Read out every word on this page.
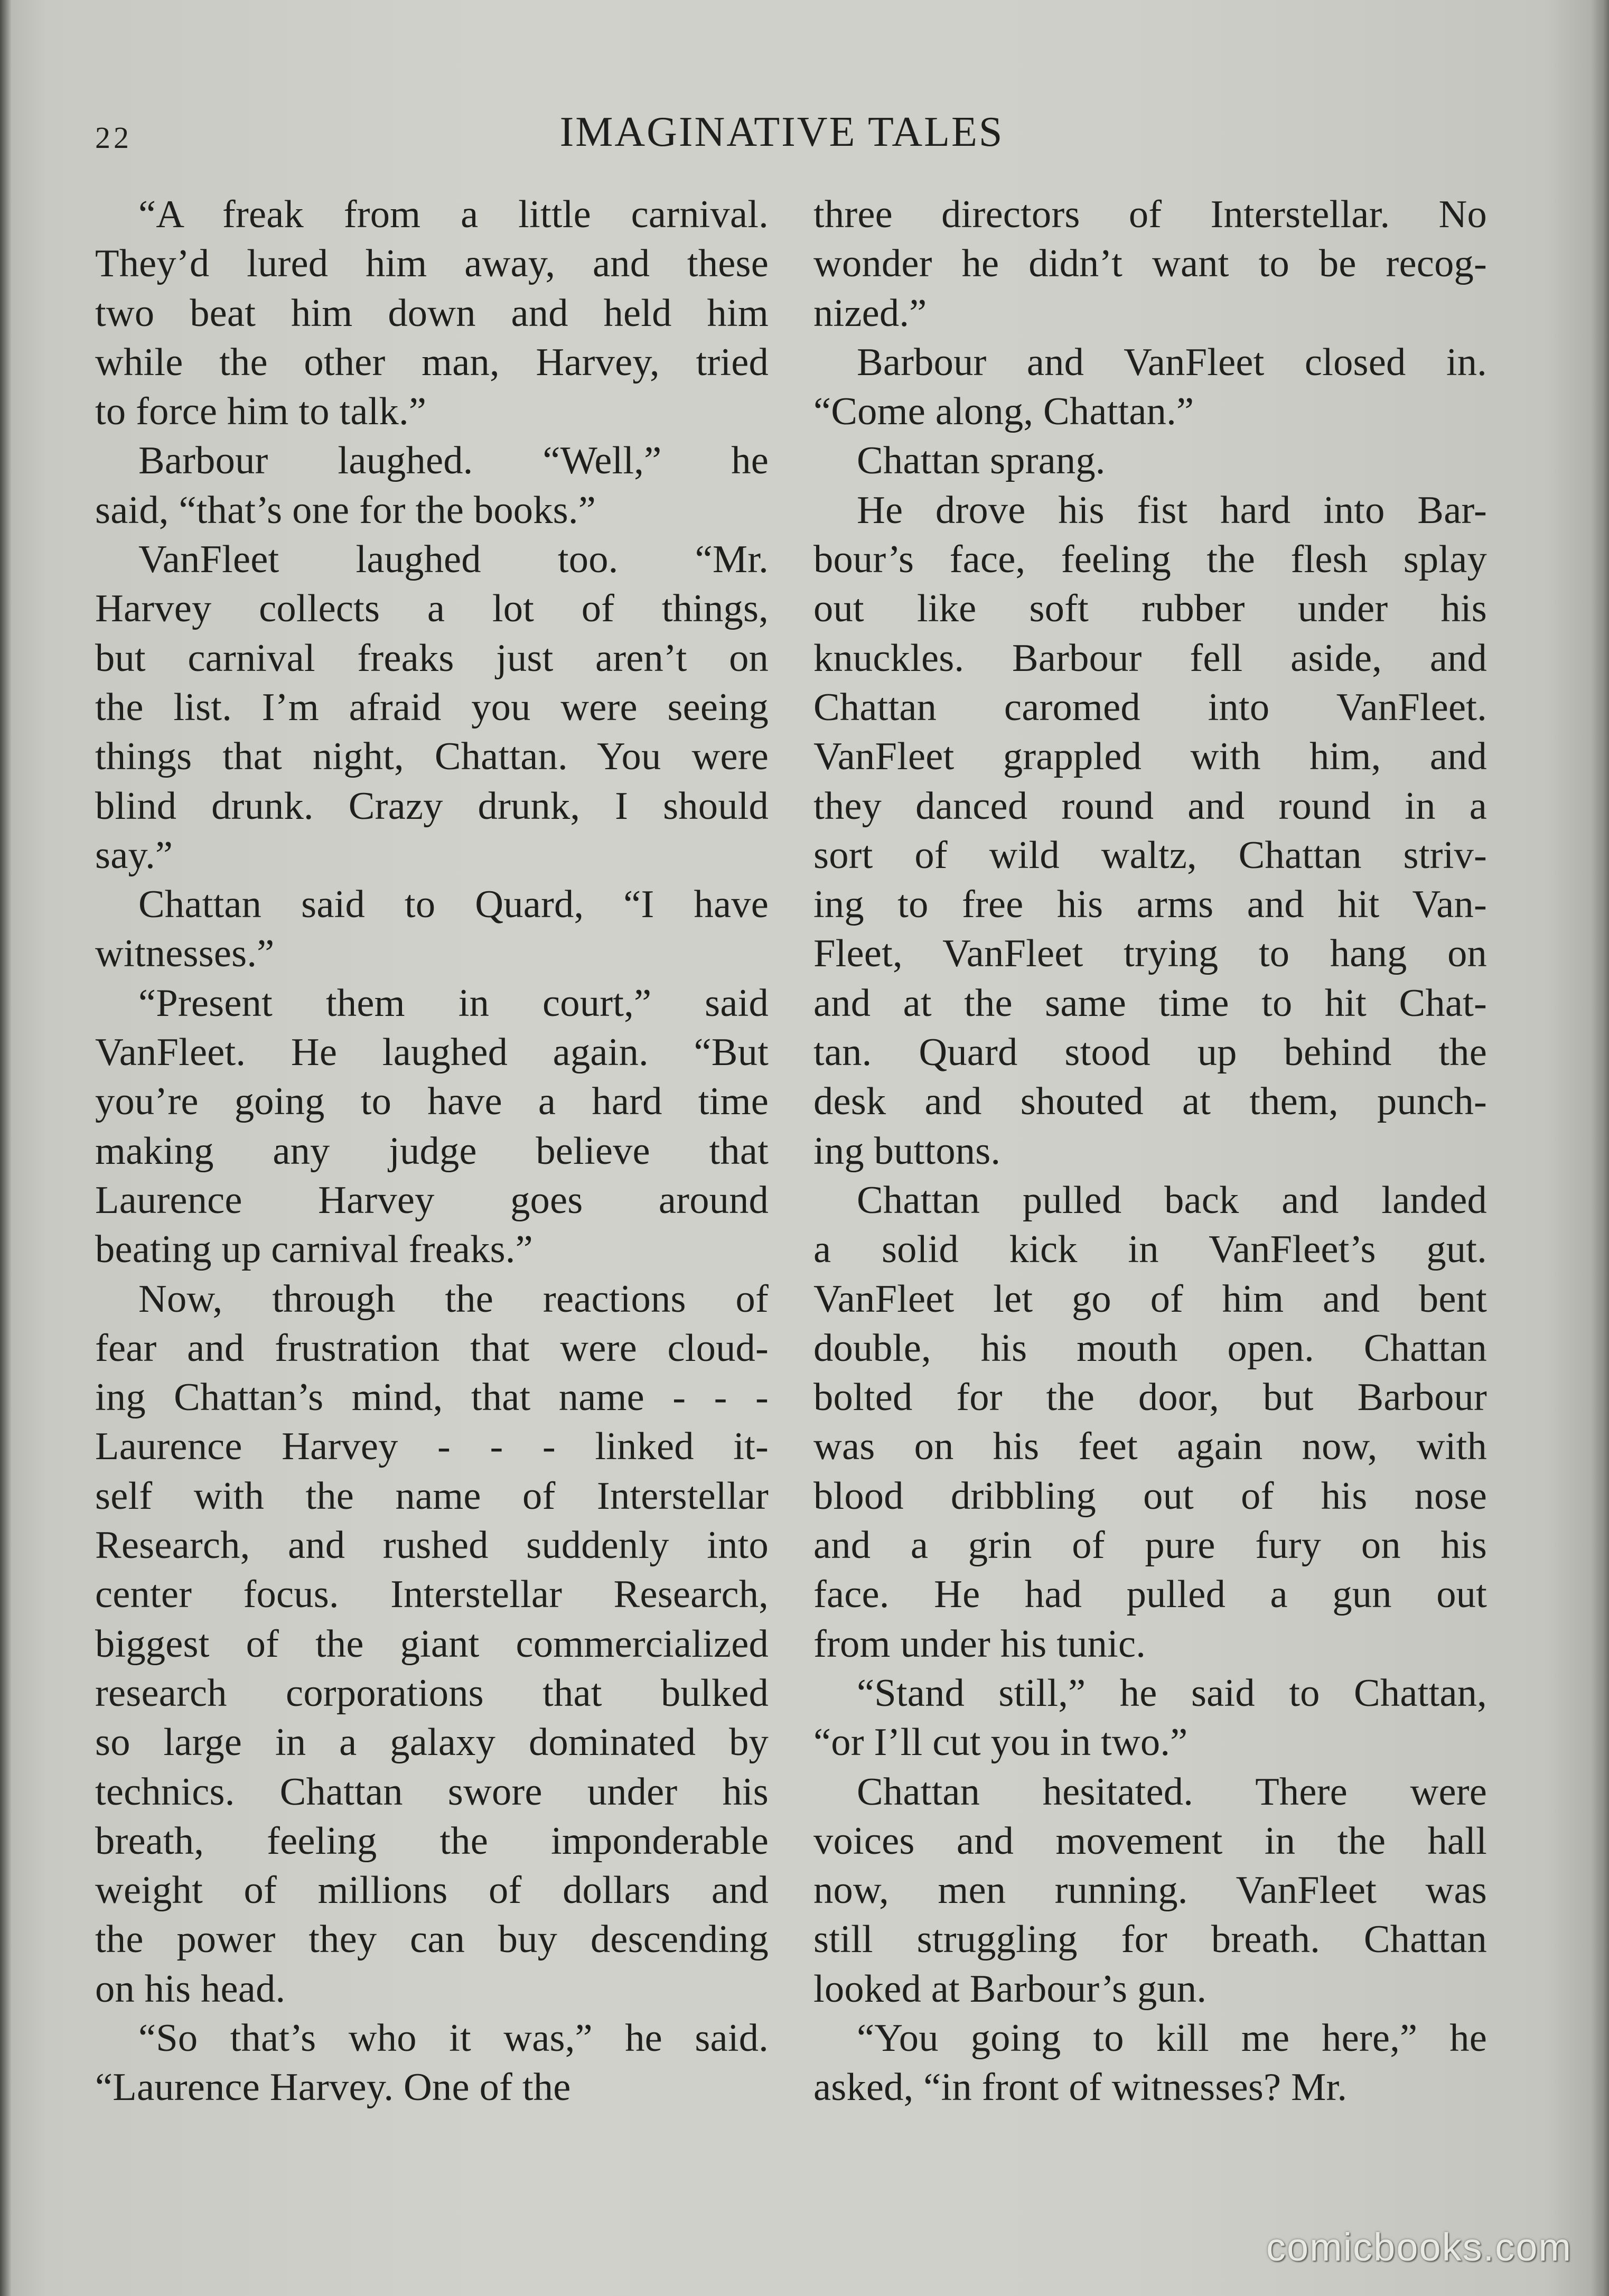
22	IMAGINATIVE TALES

“A freak from a little carnival.
They’d lured him away, and these
two beat him down and held him
while the other man, Harvey, tried
to force him to talk.”

Barbour laughed. “Well,” he
said, “that’s one for the books.”

VanFleet laughed too. “Mr.
Harvey collects a lot of things,
but carnival freaks just aren’t on
the list. I’m afraid you were seeing
things that night, Chattan. You were
blind drunk. Crazy drunk, I should
say.”

Chattan said to Quard, “I have
witnesses.”

“Present them in court,” said
VanFleet. He laughed again. “But
you’re going to have a hard time
making any judge believe that
Laurence Harvey goes around
beating up carnival freaks.”

Now, through the reactions of
fear and frustration that were cloud-
ing Chattan’s mind, that name - - -
Laurence Harvey - - - linked it-
self with the name of Interstellar
Research, and rushed suddenly into
center focus. Interstellar Research,
biggest of the giant commercialized
research corporations that bulked
so large in a galaxy dominated by
technics. Chattan swore under his
breath, feeling the imponderable
weight of millions of dollars and
the power they can buy descending
on his head.

“So that’s who it was,” he said.
“Laurence Harvey. One of the

three directors of Interstellar. No
wonder he didn’t want to be recog-
nized.”

Barbour and VanFleet closed in.
“Come along, Chattan.”

Chattan sprang.

He drove his fist hard into Bar-
bour’s face, feeling the flesh splay
out like soft rubber under his
knuckles. Barbour fell aside, and
Chattan caromed into VanFleet.
VanFleet grappled with him, and
they danced round and round in a
sort of wild waltz, Chattan striv-
ing to free his arms and hit Van-
Fleet, VanFleet trying to hang on
and at the same time to hit Chat-
tan. Quard stood up behind the
desk and shouted at them, punch-
ing buttons.

Chattan pulled back and landed
a solid kick in VanFleet’s gut.
VanFleet let go of him and bent
double, his mouth open. Chattan
bolted for the door, but Barbour
was on his feet again now, with
blood dribbling out of his nose
and a grin of pure fury on his
face. He had pulled a gun out
from under his tunic.

“Stand still,” he said to Chattan,
“or I’ll cut you in two.”

Chattan hesitated. There were
voices and movement in the hall
now, men running. VanFleet was
still struggling for breath. Chattan
looked at Barbour’s gun.

“You going to kill me here,” he
asked, “in front of witnesses? Mr.

comicbooks.com
